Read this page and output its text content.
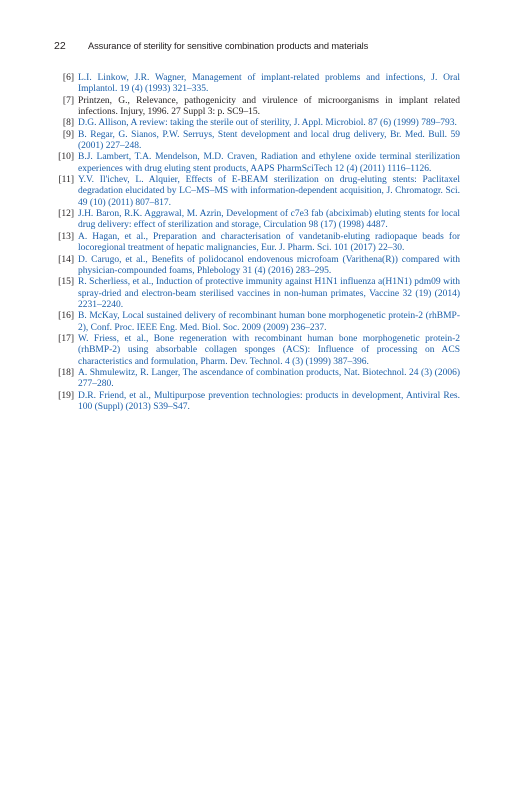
22	Assurance of sterility for sensitive combination products and materials
[6] L.I. Linkow, J.R. Wagner, Management of implant-related problems and infections, J. Oral Implantol. 19 (4) (1993) 321–335.
[7] Printzen, G., Relevance, pathogenicity and virulence of microorganisms in implant related infections. Injury, 1996. 27 Suppl 3: p. SC9–15.
[8] D.G. Allison, A review: taking the sterile out of sterility, J. Appl. Microbiol. 87 (6) (1999) 789–793.
[9] B. Regar, G. Sianos, P.W. Serruys, Stent development and local drug delivery, Br. Med. Bull. 59 (2001) 227–248.
[10] B.J. Lambert, T.A. Mendelson, M.D. Craven, Radiation and ethylene oxide terminal sterilization experiences with drug eluting stent products, AAPS PharmSciTech 12 (4) (2011) 1116–1126.
[11] Y.V. Il'ichev, L. Alquier, Effects of E-BEAM sterilization on drug-eluting stents: Paclitaxel degradation elucidated by LC–MS–MS with information-dependent acquisition, J. Chromatogr. Sci. 49 (10) (2011) 807–817.
[12] J.H. Baron, R.K. Aggrawal, M. Azrin, Development of c7e3 fab (abciximab) eluting stents for local drug delivery: effect of sterilization and storage, Circulation 98 (17) (1998) 4487.
[13] A. Hagan, et al., Preparation and characterisation of vandetanib-eluting radiopaque beads for locoregional treatment of hepatic malignancies, Eur. J. Pharm. Sci. 101 (2017) 22–30.
[14] D. Carugo, et al., Benefits of polidocanol endovenous microfoam (Varithena(R)) compared with physician-compounded foams, Phlebology 31 (4) (2016) 283–295.
[15] R. Scherliess, et al., Induction of protective immunity against H1N1 influenza a(H1N1) pdm09 with spray-dried and electron-beam sterilised vaccines in non-human primates, Vaccine 32 (19) (2014) 2231–2240.
[16] B. McKay, Local sustained delivery of recombinant human bone morphogenetic protein-2 (rhBMP-2), Conf. Proc. IEEE Eng. Med. Biol. Soc. 2009 (2009) 236–237.
[17] W. Friess, et al., Bone regeneration with recombinant human bone morphogenetic protein-2 (rhBMP-2) using absorbable collagen sponges (ACS): Influence of processing on ACS characteristics and formulation, Pharm. Dev. Technol. 4 (3) (1999) 387–396.
[18] A. Shmulewitz, R. Langer, The ascendance of combination products, Nat. Biotechnol. 24 (3) (2006) 277–280.
[19] D.R. Friend, et al., Multipurpose prevention technologies: products in development, Antiviral Res. 100 (Suppl) (2013) S39–S47.
